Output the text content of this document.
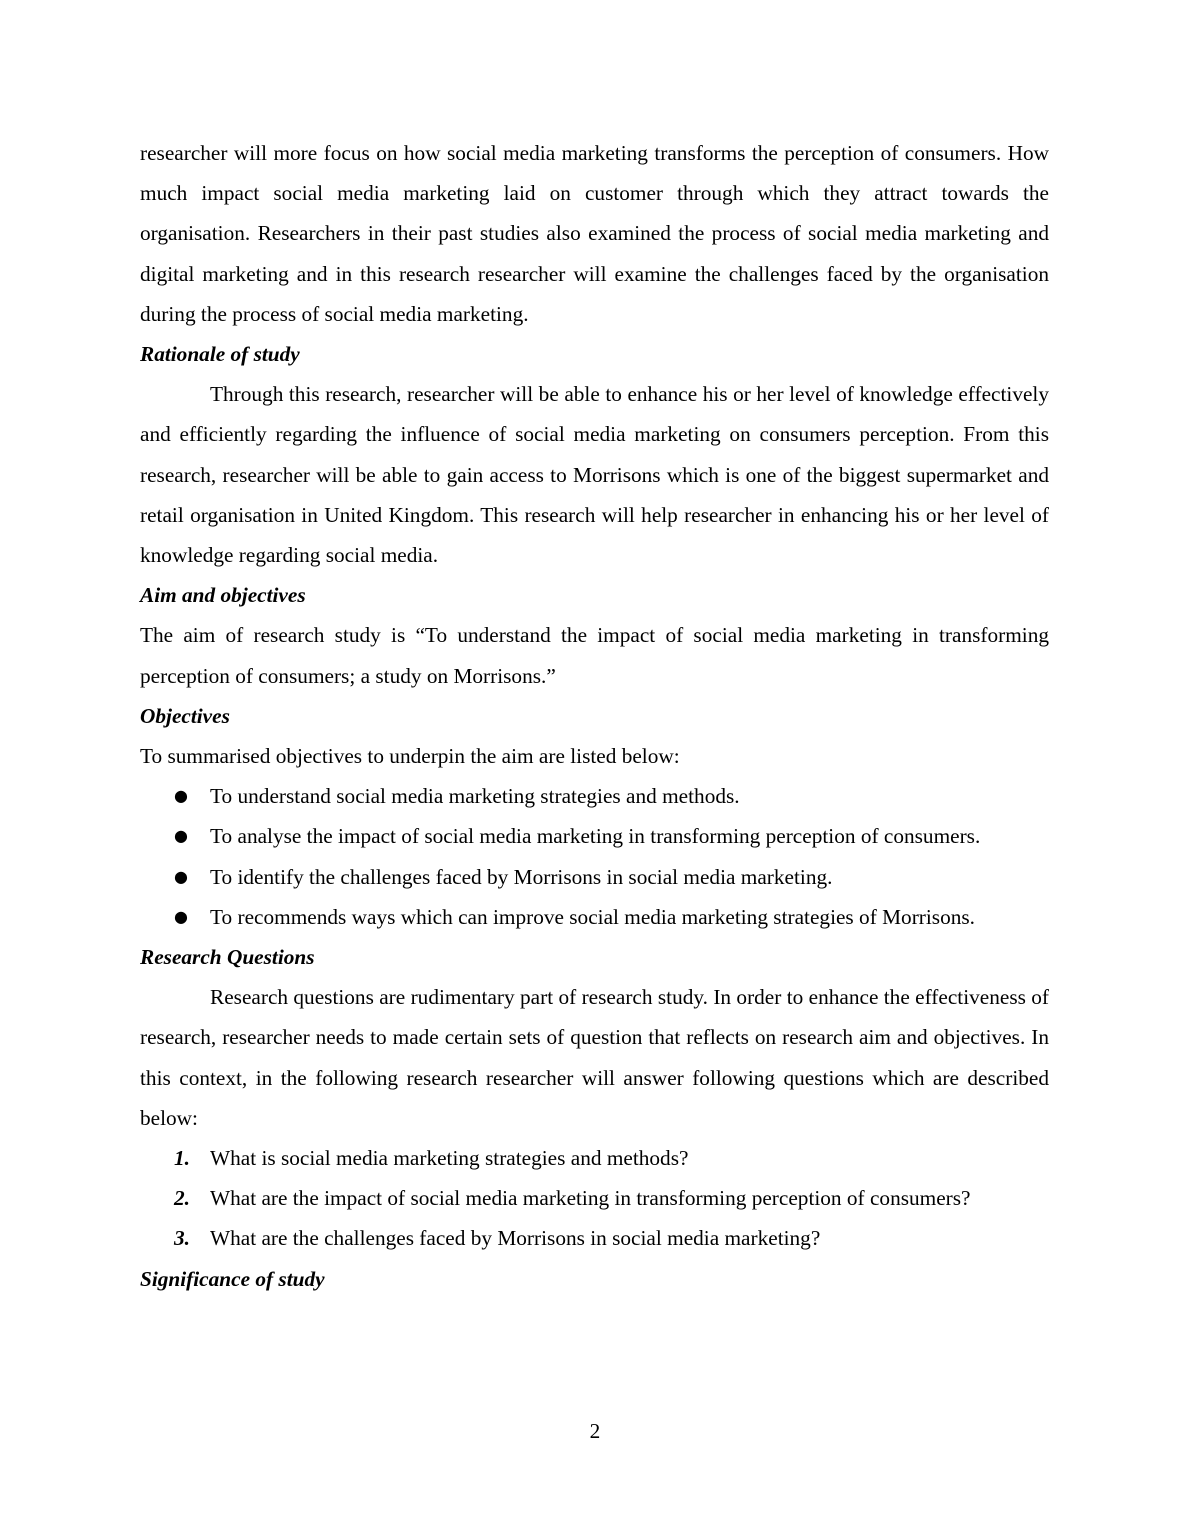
researcher will more focus on how social media marketing transforms the perception of consumers. How much impact social media marketing laid on customer through which they attract towards the organisation. Researchers in their past studies also examined the process of social media marketing and digital marketing and in this research researcher will examine the challenges faced by the organisation during the process of social media marketing.

Rationale of study

Through this research, researcher will be able to enhance his or her level of knowledge effectively and efficiently regarding the influence of social media marketing on consumers perception. From this research, researcher will be able to gain access to Morrisons which is one of the biggest supermarket and retail organisation in United Kingdom. This research will help researcher in enhancing his or her level of knowledge regarding social media.

Aim and objectives

The aim of research study is “To understand the impact of social media marketing in transforming perception of consumers; a study on Morrisons.”

Objectives

To summarised objectives to underpin the aim are listed below:

● To understand social media marketing strategies and methods.
● To analyse the impact of social media marketing in transforming perception of consumers.
● To identify the challenges faced by Morrisons in social media marketing.
● To recommends ways which can improve social media marketing strategies of Morrisons.

Research Questions

Research questions are rudimentary part of research study. In order to enhance the effectiveness of research, researcher needs to made certain sets of question that reflects on research aim and objectives. In this context, in the following research researcher will answer following questions which are described below:

1. What is social media marketing strategies and methods?
2. What are the impact of social media marketing in transforming perception of consumers?
3. What are the challenges faced by Morrisons in social media marketing?

Significance of study

2
